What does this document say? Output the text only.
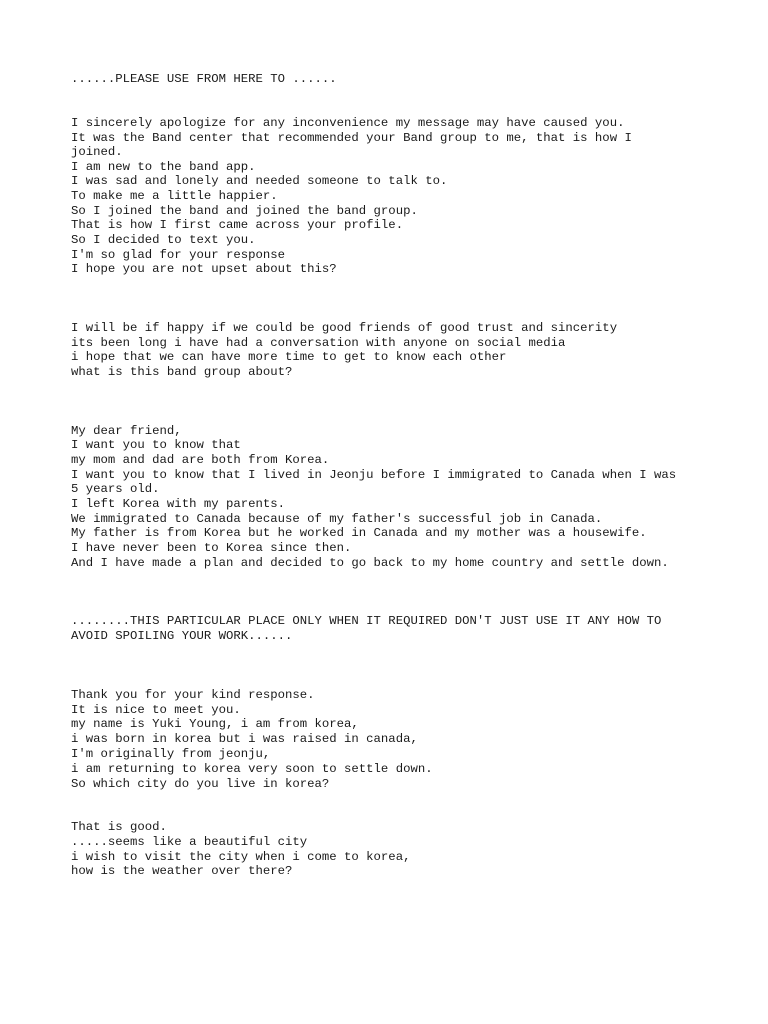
......PLEASE USE FROM HERE TO ......

I sincerely apologize for any inconvenience my message may have caused you.

It was the Band center that recommended your Band group to me, that is how I

joined.

I am new to the band app.

I was sad and lonely and needed someone to talk to.

To make me a little happier.

So I joined the band and joined the band group.

That is how I first came across your profile.

So I decided to text you.

I'm so glad for your response

I hope you are not upset about this?

I will be if happy if we could be good friends of good trust and sincerity

its been long i have had a conversation with anyone on social media

i hope that we can have more time to get to know each other

what is this band group about?

My dear friend,

I want you to know that

my mom and dad are both from Korea.

I want you to know that I lived in Jeonju before I immigrated to Canada when I was

5 years old.

I left Korea with my parents.

We immigrated to Canada because of my father's successful job in Canada.

My father is from Korea but he worked in Canada and my mother was a housewife.

I have never been to Korea since then.

And I have made a plan and decided to go back to my home country and settle down.

........THIS PARTICULAR PLACE ONLY WHEN IT REQUIRED DON'T JUST USE IT ANY HOW TO

AVOID SPOILING YOUR WORK......

Thank you for your kind response.

It is nice to meet you.

my name is Yuki Young, i am from korea,

i was born in korea but i was raised in canada,

I'm originally from jeonju,

i am returning to korea very soon to settle down.

So which city do you live in korea?

That is good.

.....seems like a beautiful city

i wish to visit the city when i come to korea,

how is the weather over there?
